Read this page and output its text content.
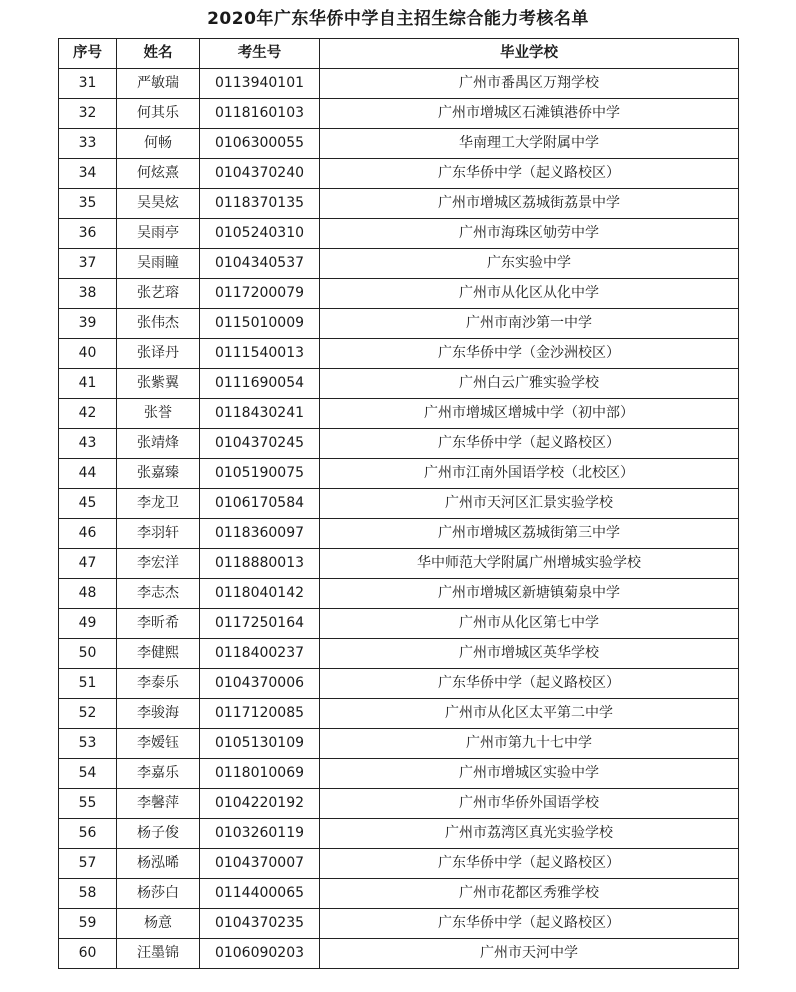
2020年广东华侨中学自主招生综合能力考核名单
序号	姓名	考生号	毕业学校
31	严敏瑞	0113940101	广州市番禺区万翔学校
32	何其乐	0118160103	广州市增城区石滩镇港侨中学
33	何畅	0106300055	华南理工大学附属中学
34	何炫熹	0104370240	广东华侨中学（起义路校区）
35	吴昊炫	0118370135	广州市增城区荔城街荔景中学
36	吴雨亭	0105240310	广州市海珠区劬劳中学
37	吴雨瞳	0104340537	广东实验中学
38	张艺瑢	0117200079	广州市从化区从化中学
39	张伟杰	0115010009	广州市南沙第一中学
40	张译丹	0111540013	广东华侨中学（金沙洲校区）
41	张紫翼	0111690054	广州白云广雅实验学校
42	张誉	0118430241	广州市增城区增城中学（初中部）
43	张靖烽	0104370245	广东华侨中学（起义路校区）
44	张嘉臻	0105190075	广州市江南外国语学校（北校区）
45	李龙卫	0106170584	广州市天河区汇景实验学校
46	李羽轩	0118360097	广州市增城区荔城街第三中学
47	李宏洋	0118880013	华中师范大学附属广州增城实验学校
48	李志杰	0118040142	广州市增城区新塘镇菊泉中学
49	李昕希	0117250164	广州市从化区第七中学
50	李健熙	0118400237	广州市增城区英华学校
51	李泰乐	0104370006	广东华侨中学（起义路校区）
52	李骏海	0117120085	广州市从化区太平第二中学
53	李嫒钰	0105130109	广州市第九十七中学
54	李嘉乐	0118010069	广州市增城区实验中学
55	李馨萍	0104220192	广州市华侨外国语学校
56	杨子俊	0103260119	广州市荔湾区真光实验学校
57	杨泓晞	0104370007	广东华侨中学（起义路校区）
58	杨莎白	0114400065	广州市花都区秀雅学校
59	杨意	0104370235	广东华侨中学（起义路校区）
60	汪墨锦	0106090203	广州市天河中学
